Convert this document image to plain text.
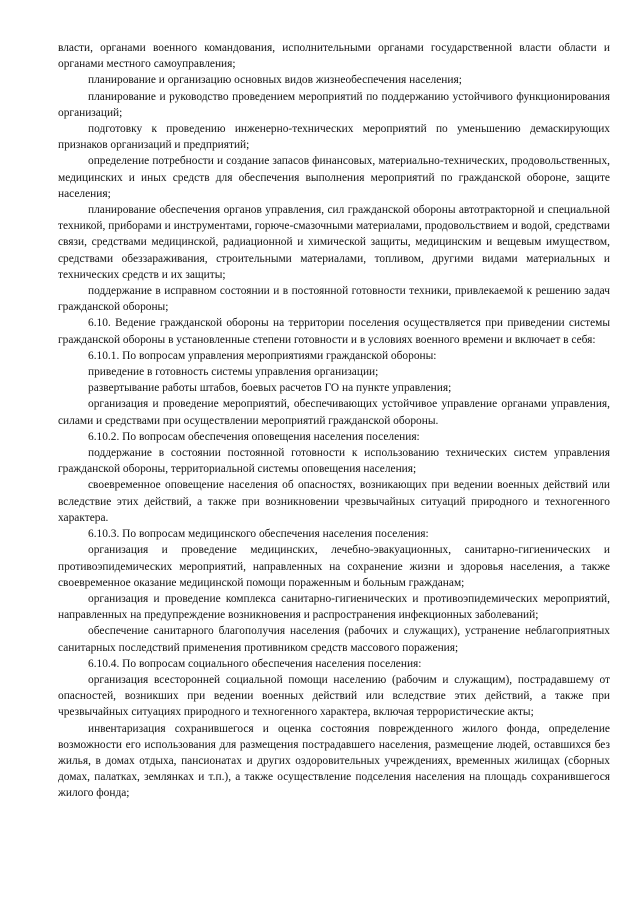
власти, органами военного командования, исполнительными органами государственной власти области и органами местного самоуправления;

планирование и организацию основных видов жизнеобеспечения населения;

планирование и руководство проведением мероприятий по поддержанию устойчивого функционирования организаций;

подготовку к проведению инженерно-технических мероприятий по уменьшению демаскирующих признаков организаций и предприятий;

определение потребности и создание запасов финансовых, материально-технических, продовольственных, медицинских и иных средств для обеспечения выполнения мероприятий по гражданской обороне, защите населения;

планирование обеспечения органов управления, сил гражданской обороны автотракторной и специальной техникой, приборами и инструментами, горюче-смазочными материалами, продовольствием и водой, средствами связи, средствами медицинской, радиационной и химической защиты, медицинским и вещевым имуществом, средствами обеззараживания, строительными материалами, топливом, другими видами материальных и технических средств и их защиты;

поддержание в исправном состоянии и в постоянной готовности техники, привлекаемой к решению задач гражданской обороны;

6.10. Ведение гражданской обороны на территории поселения осуществляется при приведении системы гражданской обороны в установленные степени готовности и в условиях военного времени и включает в себя:

6.10.1. По вопросам управления мероприятиями гражданской обороны:

приведение в готовность системы управления организации;

развертывание работы штабов, боевых расчетов ГО на пункте управления;

организация и проведение мероприятий, обеспечивающих устойчивое управление органами управления, силами и средствами при осуществлении мероприятий гражданской обороны.

6.10.2. По вопросам обеспечения оповещения населения поселения:

поддержание в состоянии постоянной готовности к использованию технических систем управления гражданской обороны, территориальной системы оповещения населения;

своевременное оповещение населения об опасностях, возникающих при ведении военных действий или вследствие этих действий, а также при возникновении чрезвычайных ситуаций природного и техногенного характера.

6.10.3. По вопросам медицинского обеспечения населения поселения:

организация и проведение медицинских, лечебно-эвакуационных, санитарно-гигиенических и противоэпидемических мероприятий, направленных на сохранение жизни и здоровья населения, а также своевременное оказание медицинской помощи пораженным и больным гражданам;

организация и проведение комплекса санитарно-гигиенических и противоэпидемических мероприятий, направленных на предупреждение возникновения и распространения инфекционных заболеваний;

обеспечение санитарного благополучия населения (рабочих и служащих), устранение неблагоприятных санитарных последствий применения противником средств массового поражения;

6.10.4. По вопросам социального обеспечения населения поселения:

организация всесторонней социальной помощи населению (рабочим и служащим), пострадавшему от опасностей, возникших при ведении военных действий или вследствие этих действий, а также при чрезвычайных ситуациях природного и техногенного характера, включая террористические акты;

инвентаризация сохранившегося и оценка состояния поврежденного жилого фонда, определение возможности его использования для размещения пострадавшего населения, размещение людей, оставшихся без жилья, в домах отдыха, пансионатах и других оздоровительных учреждениях, временных жилищах (сборных домах, палатках, землянках и т.п.), а также осуществление подселения населения на площадь сохранившегося жилого фонда;
